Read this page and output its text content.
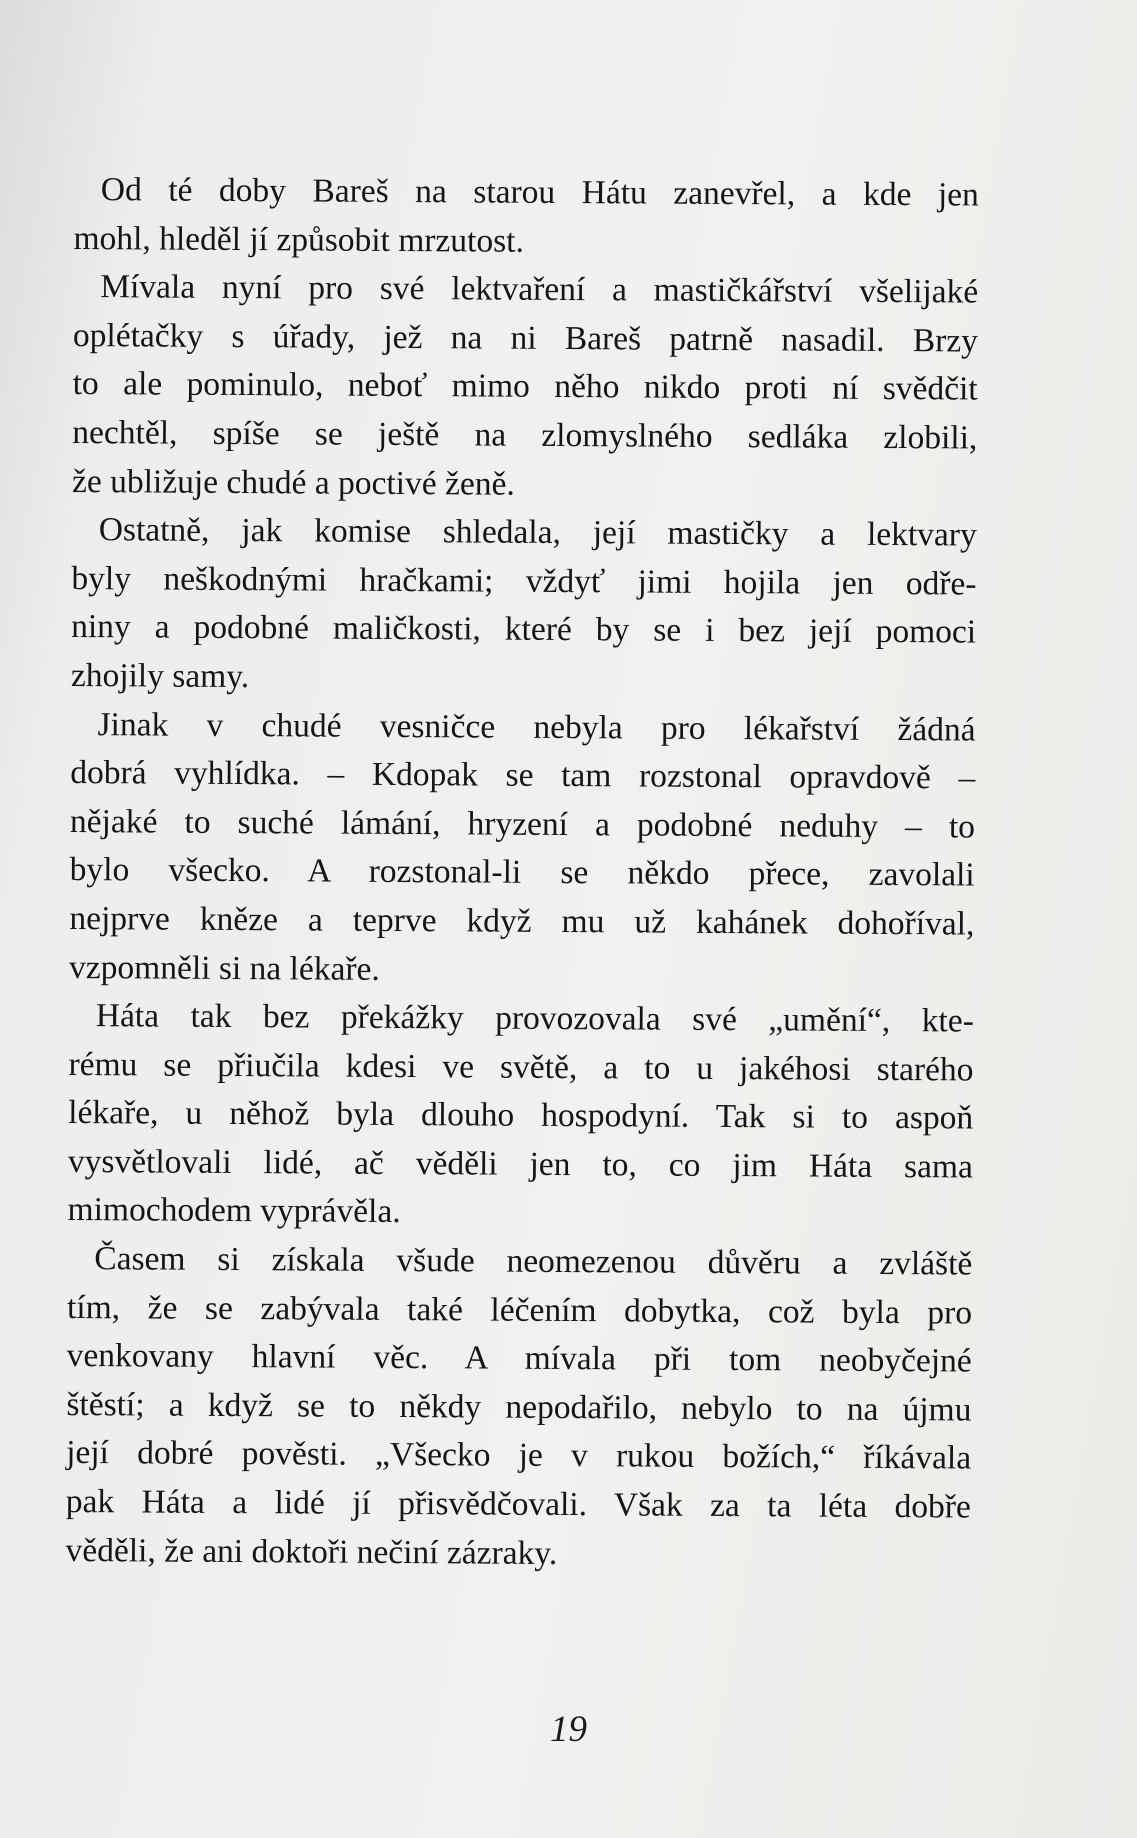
Od té doby Bareš na starou Hátu zanevřel, a kde jen
mohl, hleděl jí způsobit mrzutost.
Mívala nyní pro své lektvaření a mastičkářství všelijaké
oplétačky s úřady, jež na ni Bareš patrně nasadil. Brzy
to ale pominulo, neboť mimo něho nikdo proti ní svědčit
nechtěl, spíše se ještě na zlomyslného sedláka zlobili,
že ubližuje chudé a poctivé ženě.
Ostatně, jak komise shledala, její mastičky a lektvary
byly neškodnými hračkami; vždyť jimi hojila jen odře-
niny a podobné maličkosti, které by se i bez její pomoci
zhojily samy.
Jinak v chudé vesničce nebyla pro lékařství žádná
dobrá vyhlídka. – Kdopak se tam rozstonal opravdově –
nějaké to suché lámání, hryzení a podobné neduhy – to
bylo všecko. A rozstonal-li se někdo přece, zavolali
nejprve kněze a teprve když mu už kahánek dohoříval,
vzpomněli si na lékaře.
Háta tak bez překážky provozovala své „umění“, kte-
rému se přiučila kdesi ve světě, a to u jakéhosi starého
lékaře, u něhož byla dlouho hospodyní. Tak si to aspoň
vysvětlovali lidé, ač věděli jen to, co jim Háta sama
mimochodem vyprávěla.
Časem si získala všude neomezenou důvěru a zvláště
tím, že se zabývala také léčením dobytka, což byla pro
venkovany hlavní věc. A mívala při tom neobyčejné
štěstí; a když se to někdy nepodařilo, nebylo to na újmu
její dobré pověsti. „Všecko je v rukou božích,“ říkávala
pak Háta a lidé jí přisvědčovali. Však za ta léta dobře
věděli, že ani doktoři nečiní zázraky.
19
